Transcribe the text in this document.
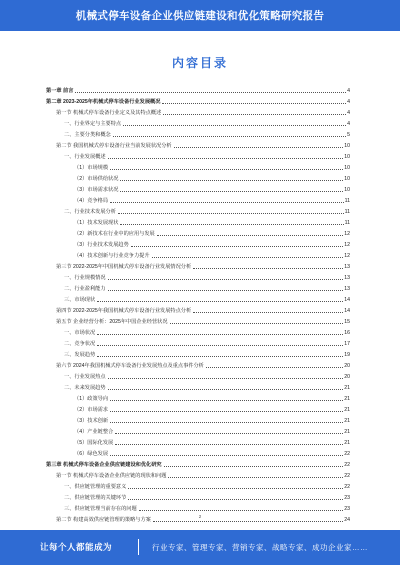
机械式停车设备企业供应链建设和优化策略研究报告
内容目录
第一章 前言	4
第二章 2023-2025年机械式停车设备行业发展概况	4
第一节 机械式停车设备行业定义及其特点概述	4
一、行业界定与主要特点	4
二、主要分类和概念	5
第二节 我国机械式停车设备行业当前发展状况分析	10
一、行业发展概述	10
（1）市场规模	10
（2）市场供给状况	10
（3）市场需求状况	10
（4）竞争格局	11
二、行业技术发展分析	11
（1）技术发展现状	11
（2）新技术在行业中的应用与发展	12
（3）行业技术发展趋势	12
（4）技术创新与行业竞争力提升	12
第三节 2022-2025年中国机械式停车设备行业发展情况分析	13
一、行业规模情况	13
二、行业盈利能力	13
三、市场现状	14
第四节 2022-2025年我国机械式停车设备行业发展特点分析	14
第五节 企业经营分析：2025年中国企业经营状况	15
一、市场状况	16
二、竞争状况	17
三、发展趋势	19
第六节 2024年我国机械式停车设备行业发展热点及重点事件分析	20
一、行业发展热点	20
二、未来发展趋势	21
（1）政策导向	21
（2）市场需求	21
（3）技术创新	21
（4）产业链整合	21
（5）国际化发展	21
（6）绿色发展	22
第三章 机械式停车设备企业供应链建设和优化研究	22
第一节 机械式停车设备企业供应链的现状和问题	22
一、供应链管理的重要意义	22
二、供应链管理的关键环节	23
三、供应链管理当前存在的问题	23
第二节 构建高效供应链管理的策略与方案	24
2
让每个人都能成为	行业专家、管理专家、营销专家、战略专家、成功企业家……
